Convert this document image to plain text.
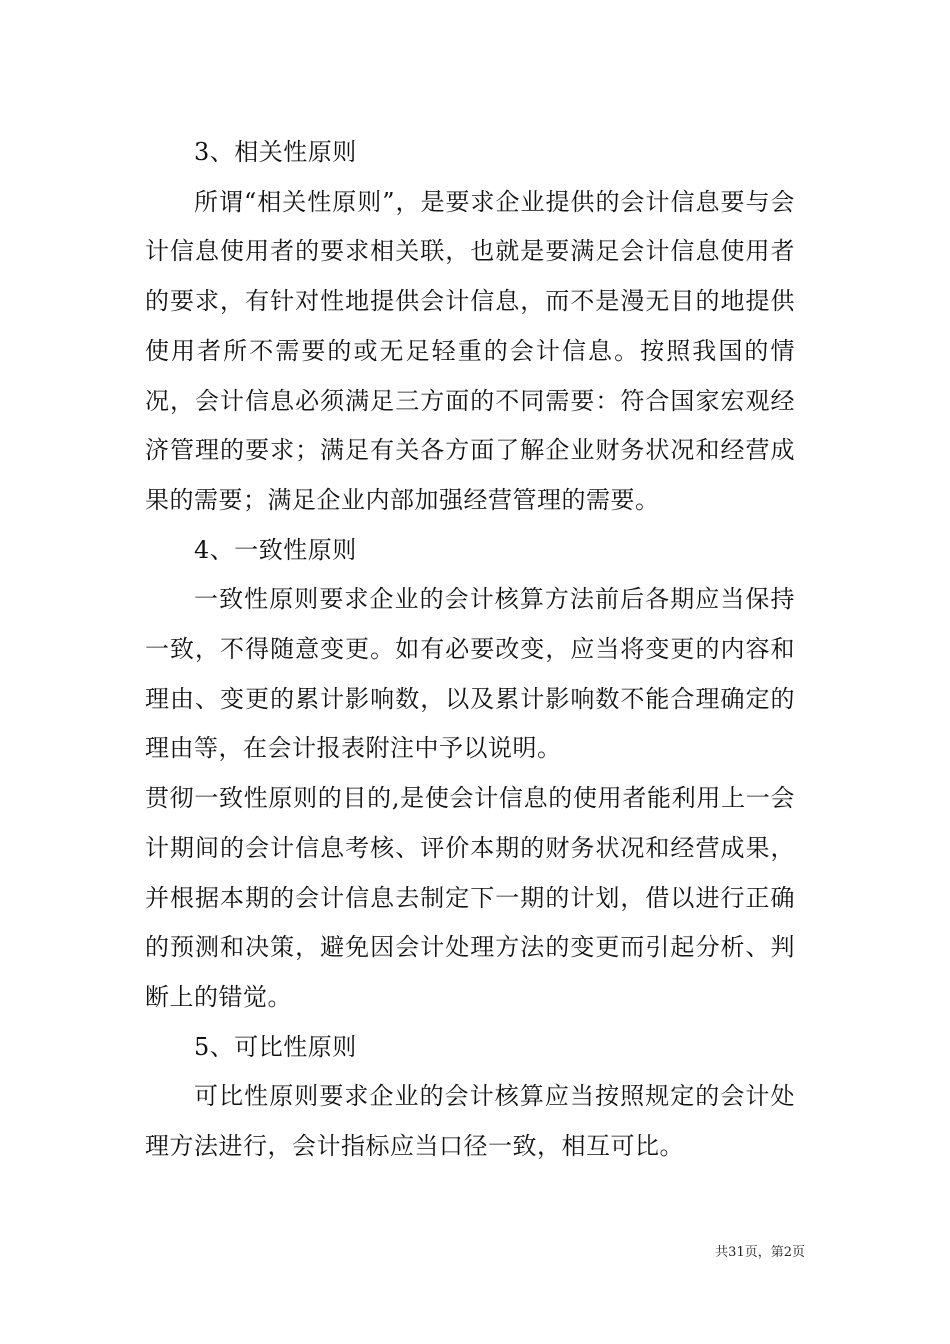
3、相关性原则

所谓“相关性原则”，是要求企业提供的会计信息要与会计信息使用者的要求相关联，也就是要满足会计信息使用者的要求，有针对性地提供会计信息，而不是漫无目的地提供使用者所不需要的或无足轻重的会计信息。按照我国的情况，会计信息必须满足三方面的不同需要：符合国家宏观经济管理的要求；满足有关各方面了解企业财务状况和经营成果的需要；满足企业内部加强经营管理的需要。

4、一致性原则

一致性原则要求企业的会计核算方法前后各期应当保持一致，不得随意变更。如有必要改变，应当将变更的内容和理由、变更的累计影响数，以及累计影响数不能合理确定的理由等，在会计报表附注中予以说明。

贯彻一致性原则的目的,是使会计信息的使用者能利用上一会计期间的会计信息考核、评价本期的财务状况和经营成果，并根据本期的会计信息去制定下一期的计划，借以进行正确的预测和决策，避免因会计处理方法的变更而引起分析、判断上的错觉。

5、可比性原则

可比性原则要求企业的会计核算应当按照规定的会计处理方法进行，会计指标应当口径一致，相互可比。

共31页，第2页
